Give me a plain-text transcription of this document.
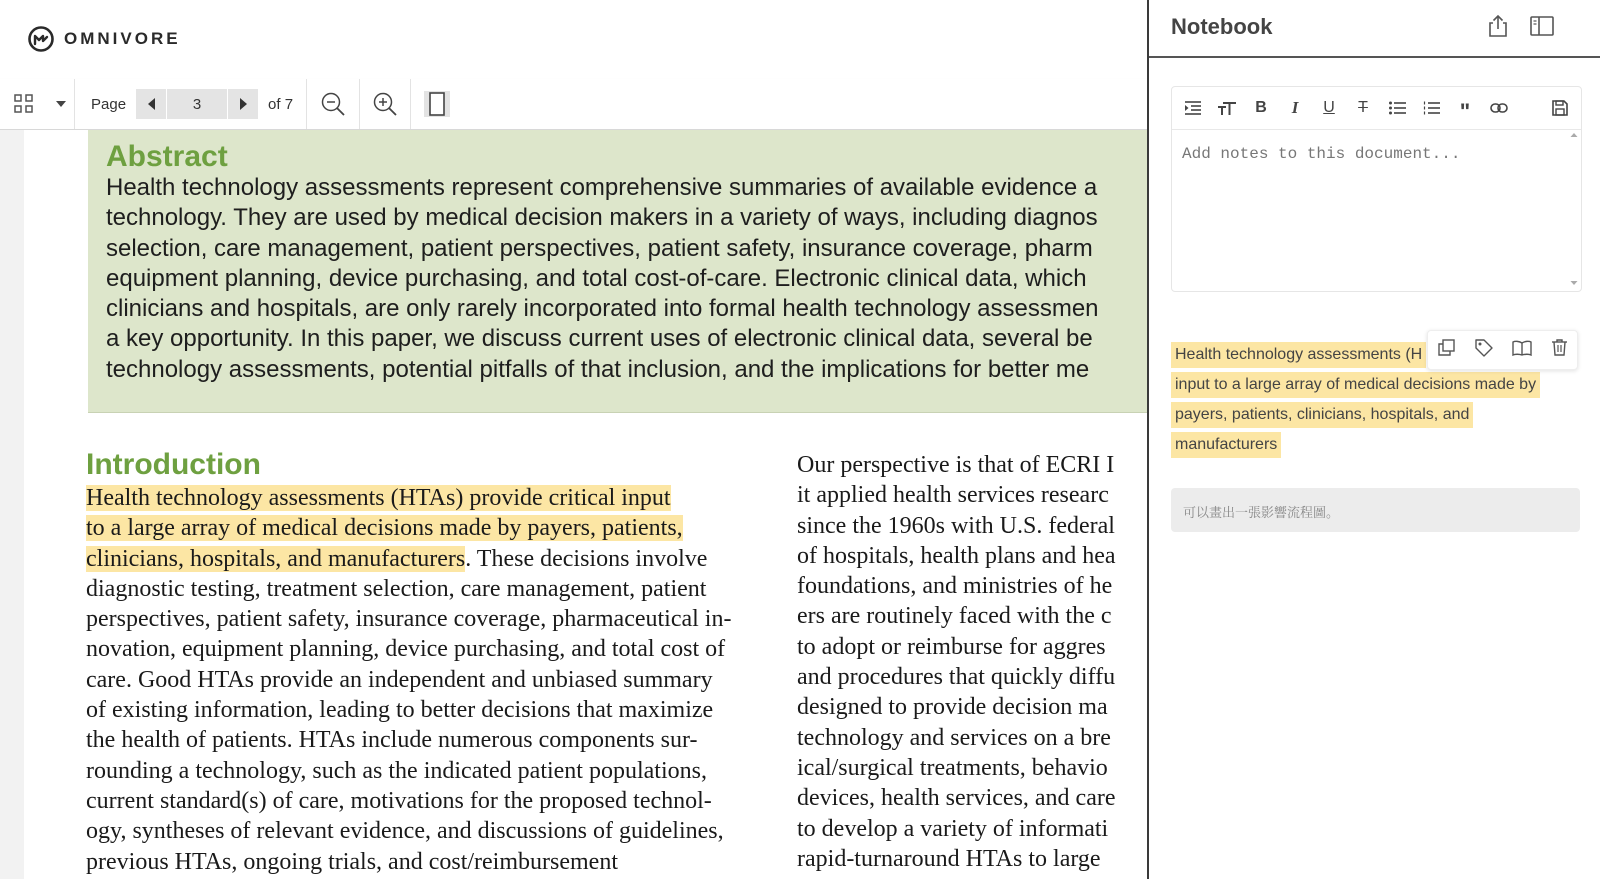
OMNIVORE
Page
3	of 7
Abstract
Health technology assessments represent comprehensive summaries of available evidence a
technology. They are used by medical decision makers in a variety of ways, including diagnos
selection, care management, patient perspectives, patient safety, insurance coverage, pharm
equipment planning, device purchasing, and total cost-of-care. Electronic clinical data, which
clinicians and hospitals, are only rarely incorporated into formal health technology assessmen
a key opportunity. In this paper, we discuss current uses of electronic clinical data, several be
technology assessments, potential pitfalls of that inclusion, and the implications for better me
Introduction
Health technology assessments (HTAs) provide critical input
to a large array of medical decisions made by payers, patients,
clinicians, hospitals, and manufacturers. These decisions involve
diagnostic testing, treatment selection, care management, patient
perspectives, patient safety, insurance coverage, pharmaceutical in-
novation, equipment planning, device purchasing, and total cost of
care. Good HTAs provide an independent and unbiased summary
of existing information, leading to better decisions that maximize
the health of patients. HTAs include numerous components sur-
rounding a technology, such as the indicated patient populations,
current standard(s) of care, motivations for the proposed technol-
ogy, syntheses of relevant evidence, and discussions of guidelines,
previous HTAs, ongoing trials, and cost/reimbursement
Our perspective is that of ECRI I
it applied health services researc
since the 1960s with U.S. federal
of hospitals, health plans and hea
foundations, and ministries of he
ers are routinely faced with the c
to adopt or reimburse for aggres
and procedures that quickly diffu
designed to provide decision ma
technology and services on a bre
ical/surgical treatments, behavio
devices, health services, and care
to develop a variety of informati
rapid-turnaround HTAs to large
Notebook
B I U T	"
Add notes to this document...
Health technology assessments (H
input to a large array of medical decisions made by
payers, patients, clinicians, hospitals, and
manufacturers
可以畫出一張影響流程圖。
